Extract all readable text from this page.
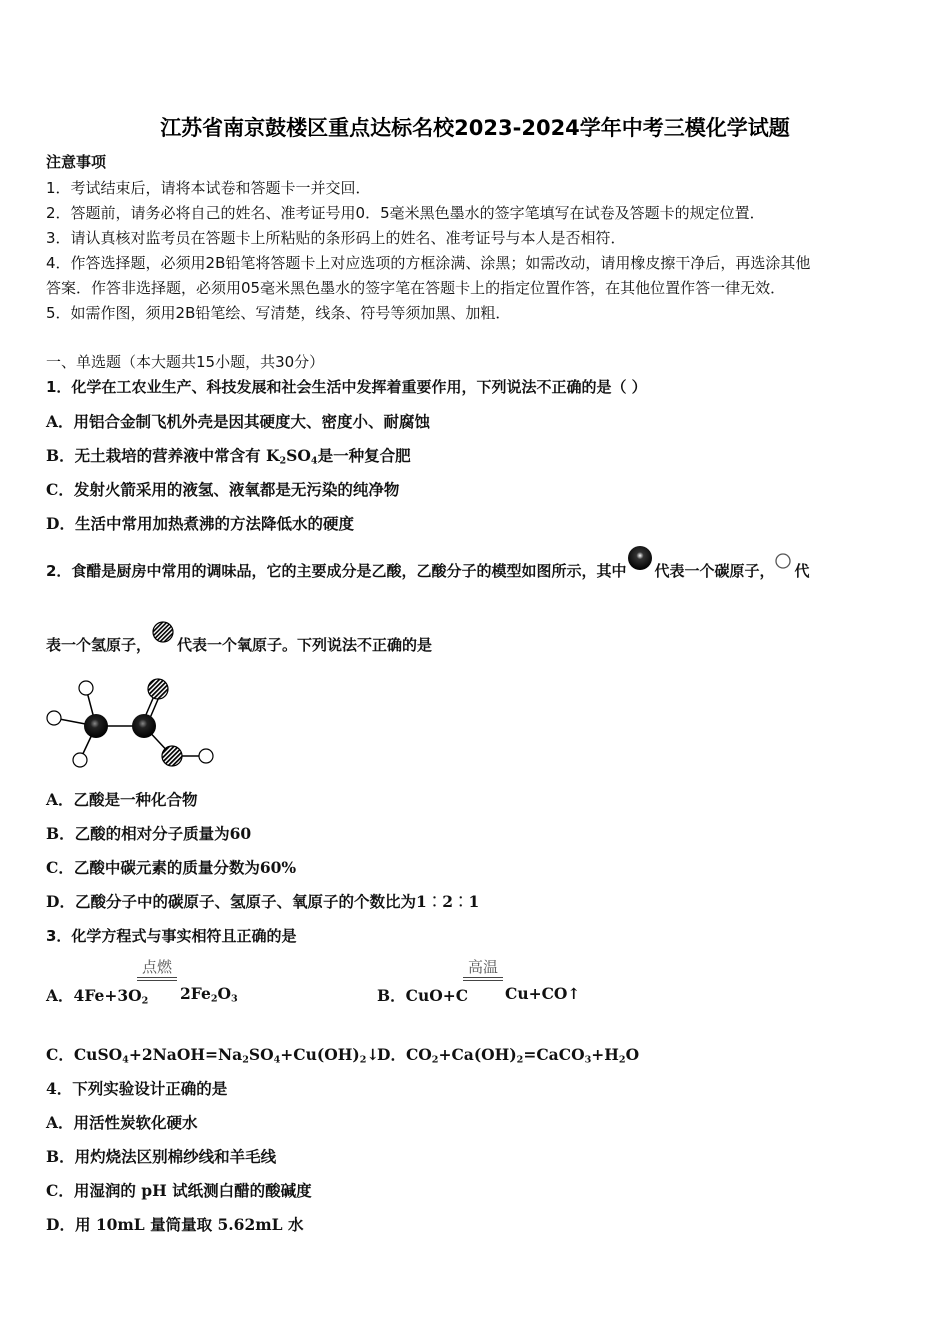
江苏省南京鼓楼区重点达标名校2023-2024学年中考三模化学试题
注意事项
1．考试结束后，请将本试卷和答题卡一并交回．
2．答题前，请务必将自己的姓名、准考证号用0．5毫米黑色墨水的签字笔填写在试卷及答题卡的规定位置．
3．请认真核对监考员在答题卡上所粘贴的条形码上的姓名、准考证号与本人是否相符．
4．作答选择题，必须用2B铅笔将答题卡上对应选项的方框涂满、涂黑；如需改动，请用橡皮擦干净后，再选涂其他
答案．作答非选择题，必须用05毫米黑色墨水的签字笔在答题卡上的指定位置作答，在其他位置作答一律无效．
5．如需作图，须用2B铅笔绘、写清楚，线条、符号等须加黑、加粗．
一、单选题（本大题共15小题，共30分）
1．化学在工农业生产、科技发展和社会生活中发挥着重要作用，下列说法不正确的是（ ）
A．用铝合金制飞机外壳是因其硬度大、密度小、耐腐蚀
B．无土栽培的营养液中常含有 $K_2SO_4$是一种复合肥
C．发射火箭采用的液氢、液氧都是无污染的纯净物
D．生活中常用加热煮沸的方法降低水的硬度
2．食醋是厨房中常用的调味品，它的主要成分是乙酸，乙酸分子的模型如图所示，其中 代表一个碳原子， 代
表一个氢原子， 代表一个氧原子。下列说法不正确的是
A．乙酸是一种化合物
B．乙酸的相对分子质量为60
C．乙酸中碳元素的质量分数为60%
D．乙酸分子中的碳原子、氢原子、氧原子的个数比为1︰2︰1
3．化学方程式与事实相符且正确的是
A．$4Fe+3O_2$
点燃
$2Fe_2O_3$	B．CuO+C
高温
Cu+CO↑
C．$CuSO_4+2NaOH=Na_2SO_4+Cu(OH)_2↓$
D．$CO_2+Ca(OH)_2=CaCO_3+H_2O$
4．下列实验设计正确的是
A．用活性炭软化硬水
B．用灼烧法区别棉纱线和羊毛线
C．用湿润的 pH 试纸测白醋的酸碱度
D．用 10mL 量筒量取 5.62mL 水
